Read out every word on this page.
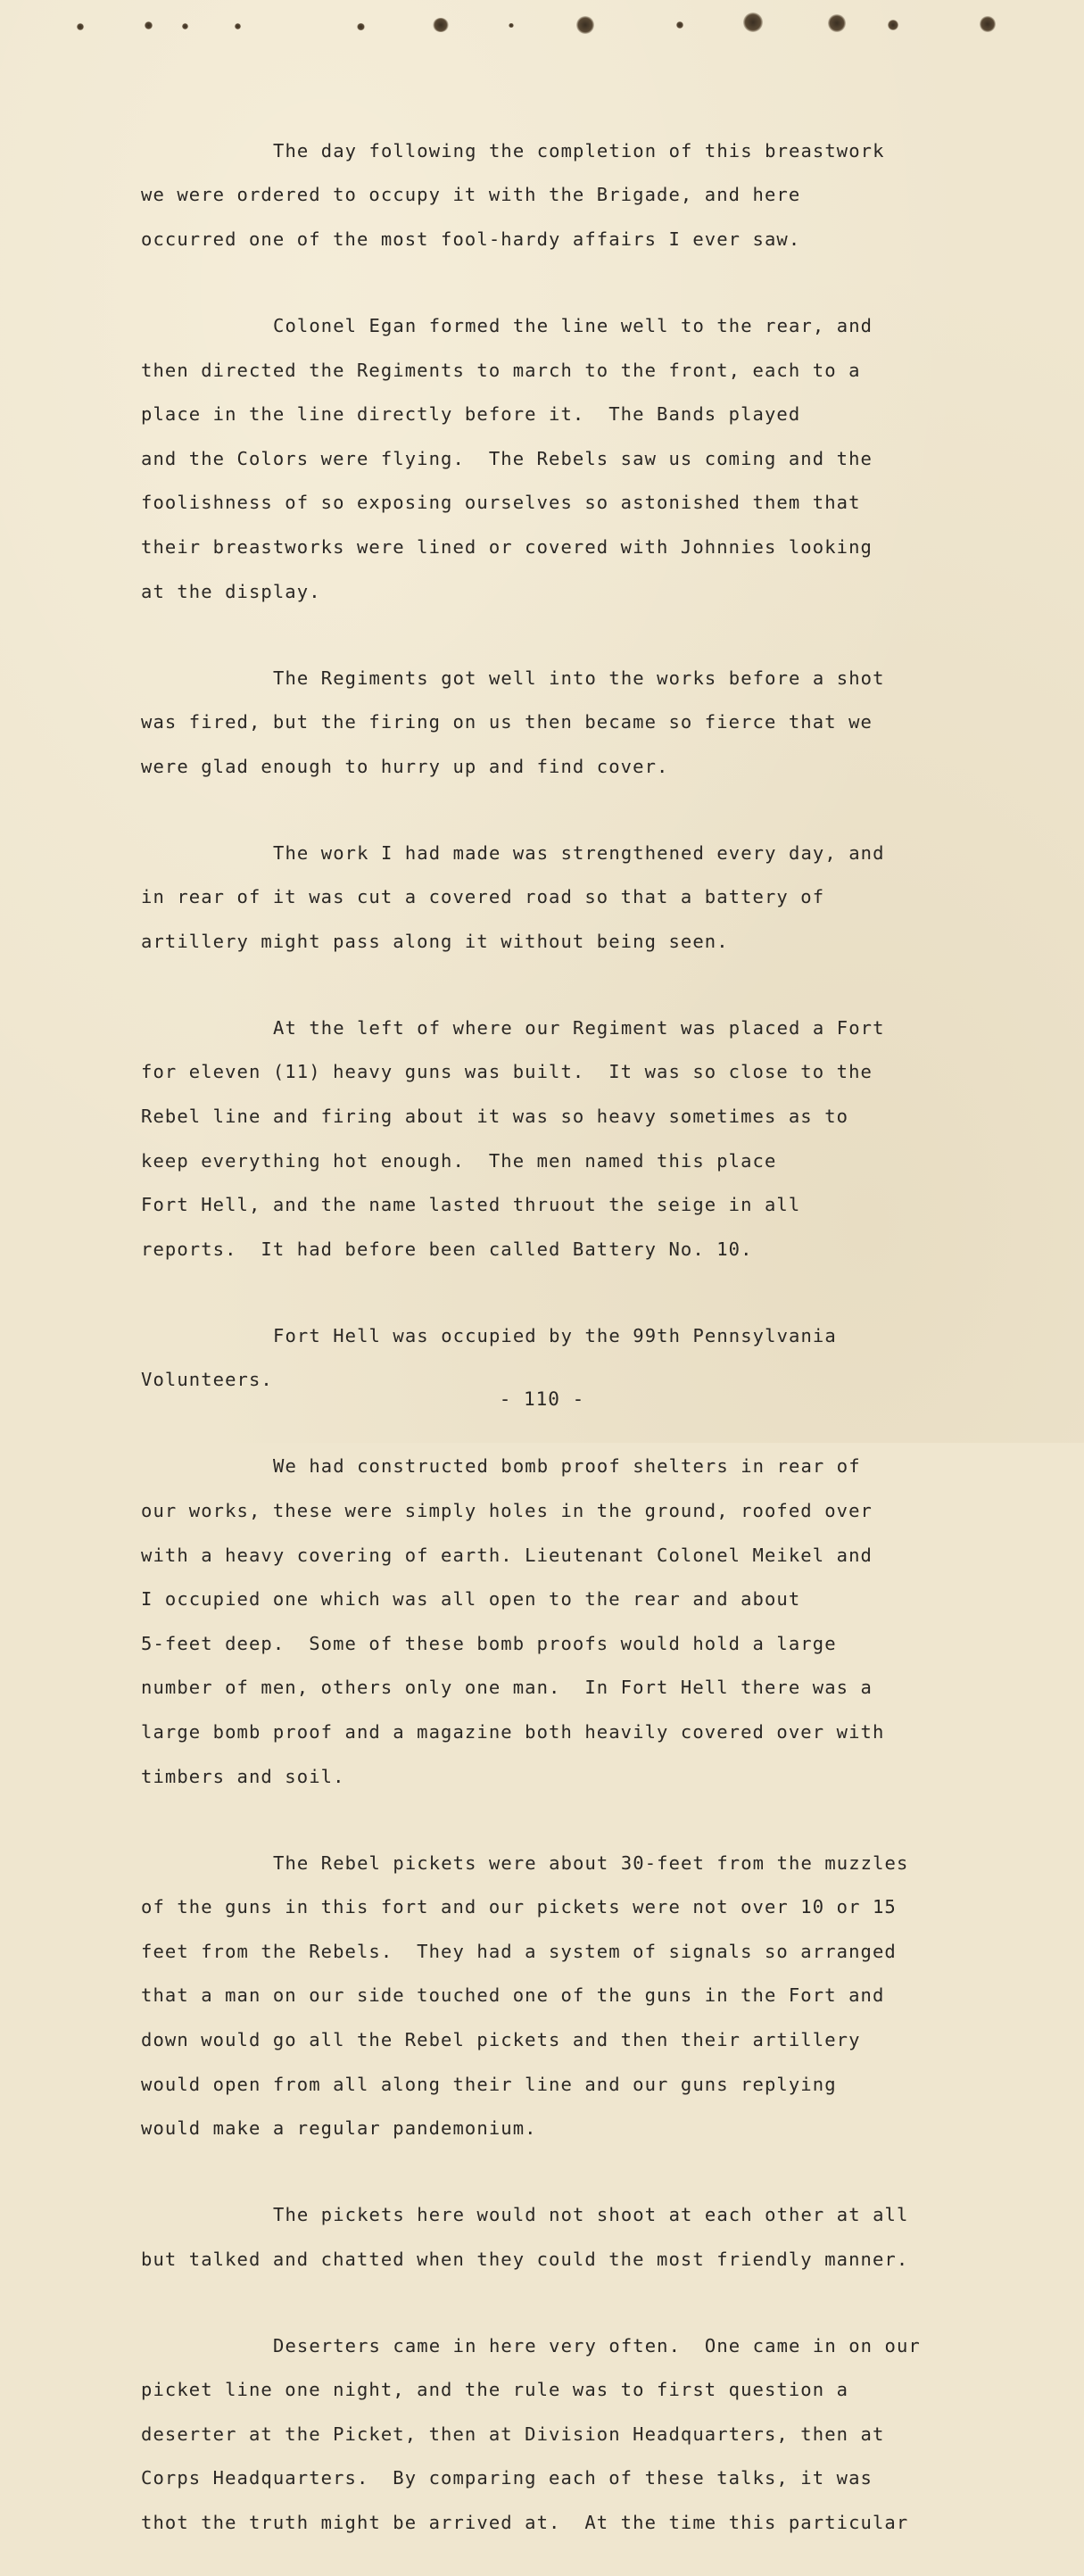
The day following the completion of this breastwork

we were ordered to occupy it with the Brigade, and here

occurred one of the most fool-hardy affairs I ever saw.

Colonel Egan formed the line well to the rear, and

then directed the Regiments to march to the front, each to a

place in the line directly before it.  The Bands played

and the Colors were flying.  The Rebels saw us coming and the

foolishness of so exposing ourselves so astonished them that

their breastworks were lined or covered with Johnnies looking

at the display.

The Regiments got well into the works before a shot

was fired, but the firing on us then became so fierce that we

were glad enough to hurry up and find cover.

The work I had made was strengthened every day, and

in rear of it was cut a covered road so that a battery of

artillery might pass along it without being seen.

At the left of where our Regiment was placed a Fort

for eleven (11) heavy guns was built.  It was so close to the

Rebel line and firing about it was so heavy sometimes as to

keep everything hot enough.  The men named this place

Fort Hell, and the name lasted thruout the seige in all

reports.  It had before been called Battery No. 10.

Fort Hell was occupied by the 99th Pennsylvania

Volunteers.

We had constructed bomb proof shelters in rear of

our works, these were simply holes in the ground, roofed over

with a heavy covering of earth. Lieutenant Colonel Meikel and

I occupied one which was all open to the rear and about

5-feet deep.  Some of these bomb proofs would hold a large

number of men, others only one man.  In Fort Hell there was a

large bomb proof and a magazine both heavily covered over with

timbers and soil.

The Rebel pickets were about 30-feet from the muzzles

of the guns in this fort and our pickets were not over 10 or 15

feet from the Rebels.  They had a system of signals so arranged

that a man on our side touched one of the guns in the Fort and

down would go all the Rebel pickets and then their artillery

would open from all along their line and our guns replying

would make a regular pandemonium.

The pickets here would not shoot at each other at all

but talked and chatted when they could the most friendly manner.

Deserters came in here very often.  One came in on our

picket line one night, and the rule was to first question a

deserter at the Picket, then at Division Headquarters, then at

Corps Headquarters.  By comparing each of these talks, it was

thot the truth might be arrived at.  At the time this particular

- 110 -
